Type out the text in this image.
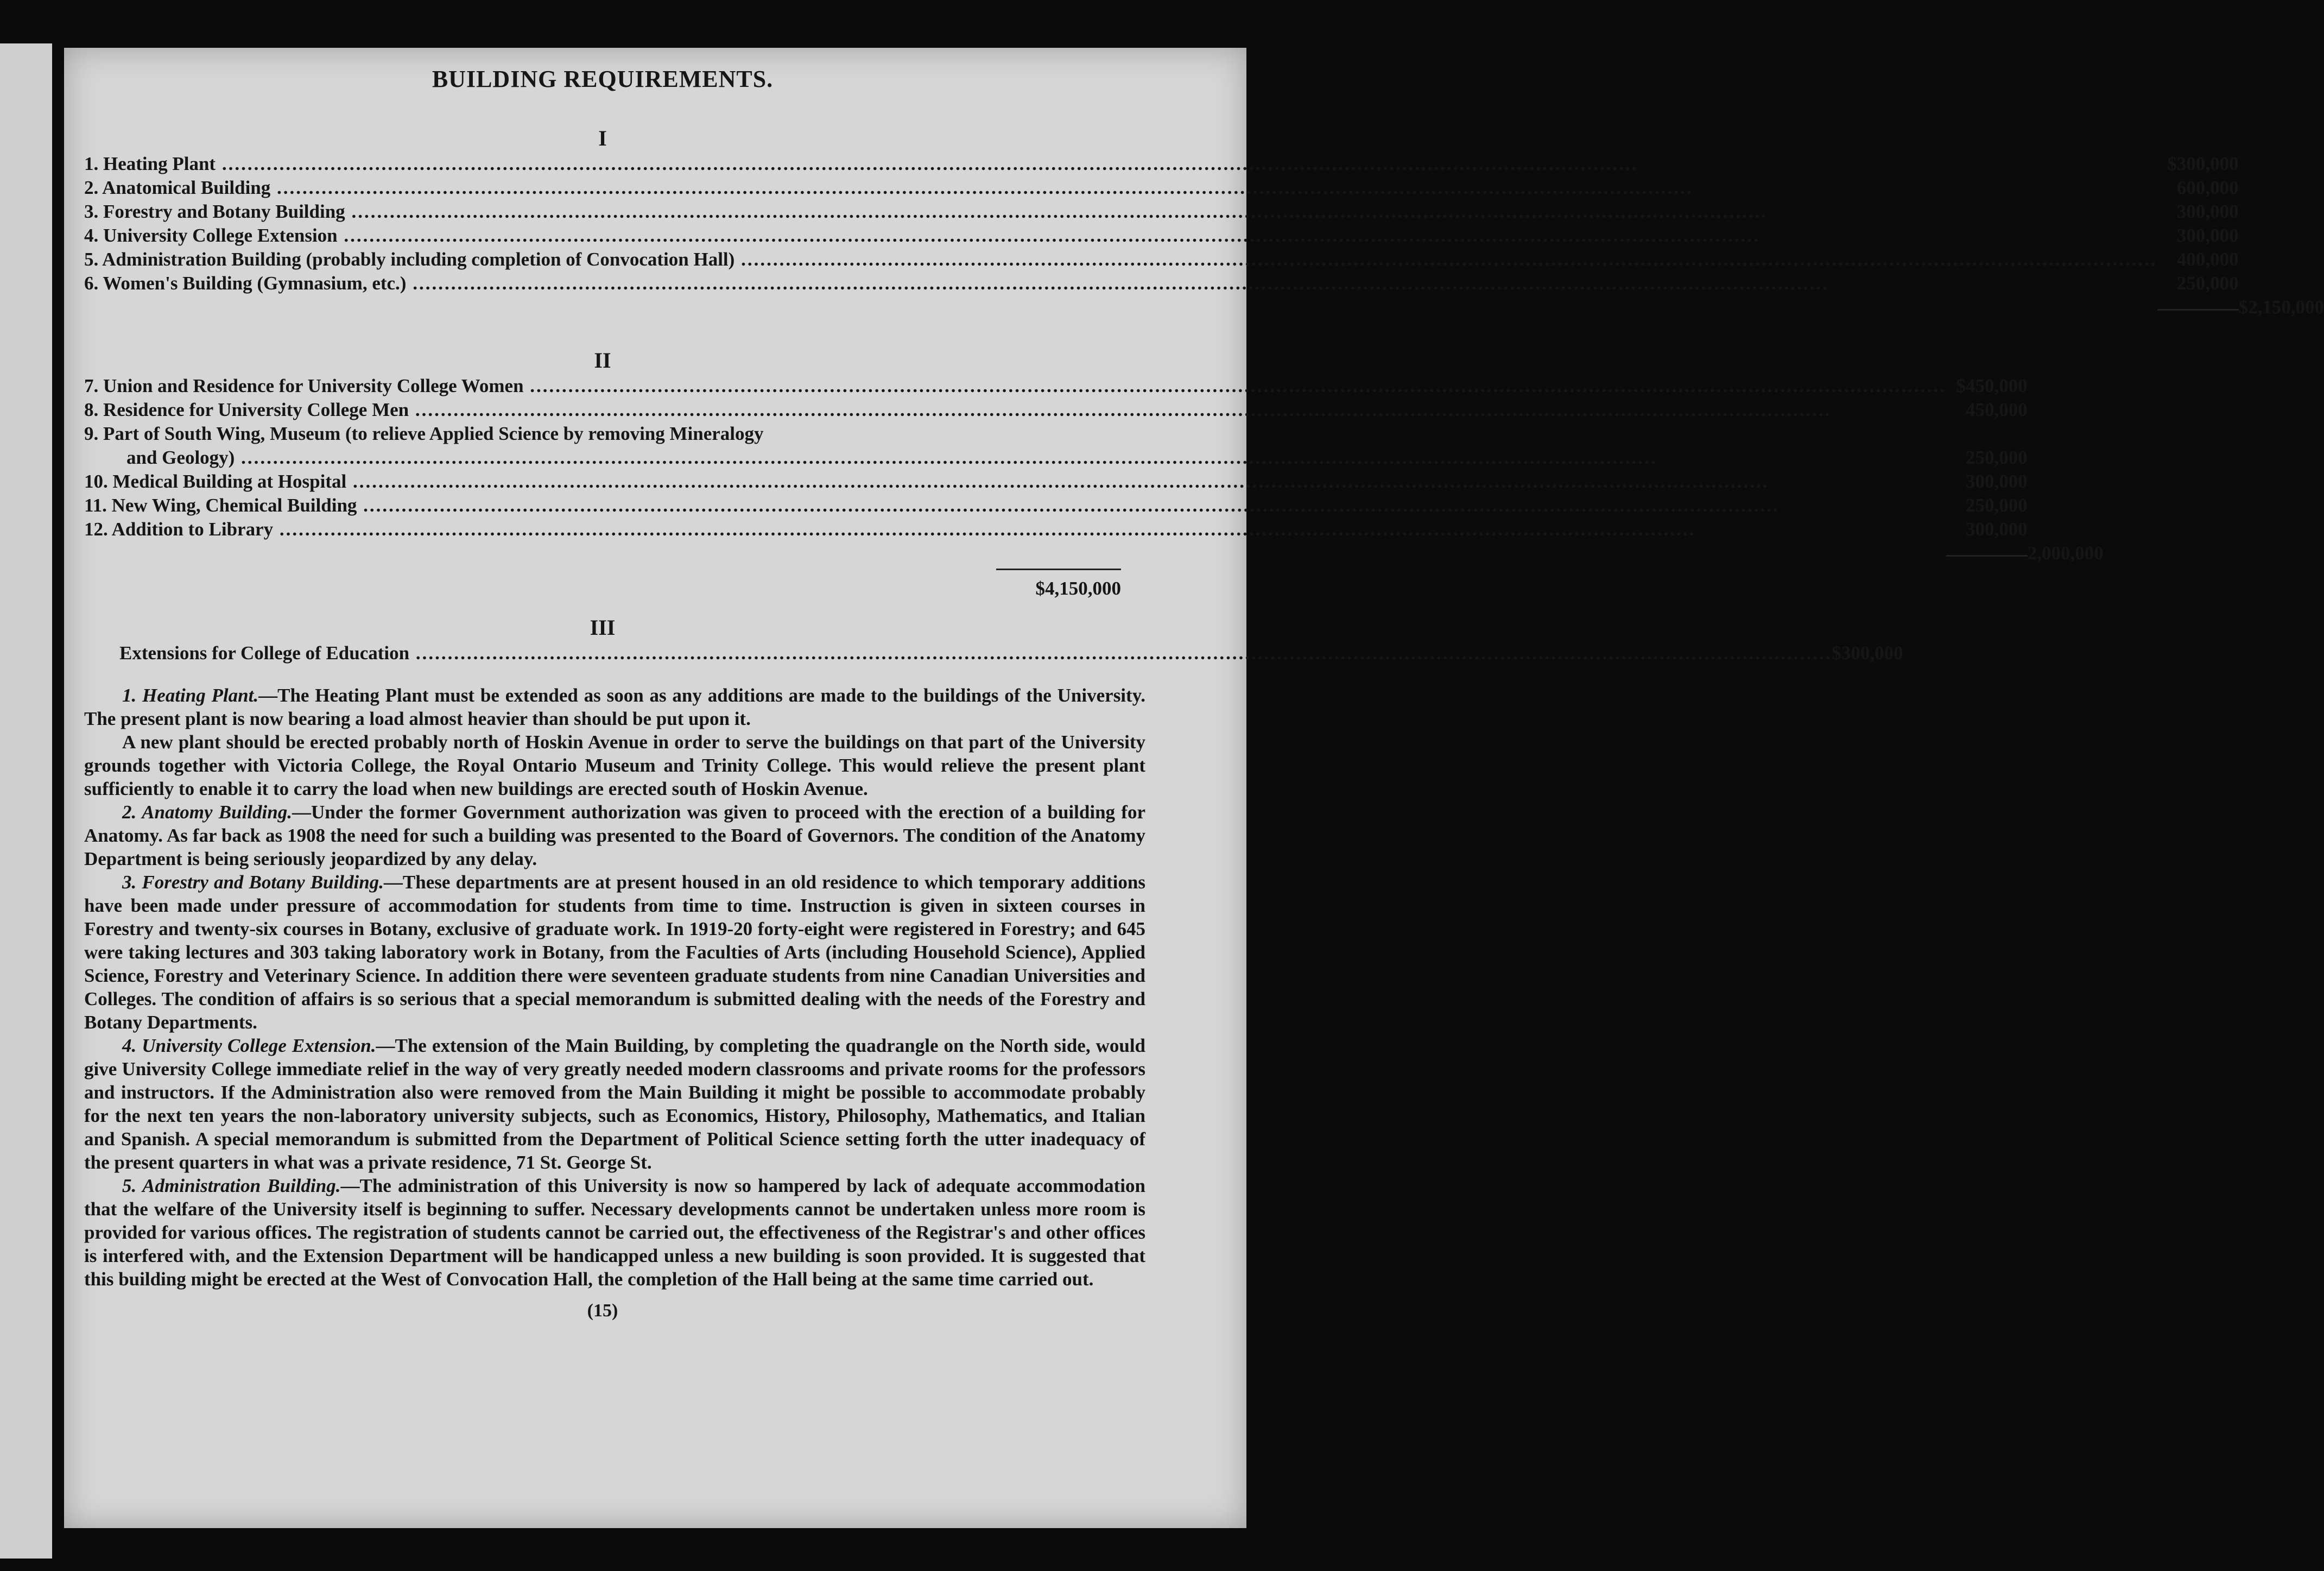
BUILDING REQUIREMENTS.
I
1. Heating Plant .....	$300,000	
2. Anatomical Building .....	600,000	
3. Forestry and Botany Building .....	300,000	
4. University College Extension .....	300,000	
5. Administration Building (probably including completion of Convocation Hall) .....	400,000	
6. Women's Building (Gymnasium, etc.) .....	250,000	

	$2,150,000
II
7. Union and Residence for University College Women .....	$450,000	
8. Residence for University College Men .....	450,000	
9. Part of South Wing, Museum (to relieve Applied Science by removing Mineralogy		
and Geology) .....	250,000	
10. Medical Building at Hospital .....	300,000	
11. New Wing, Chemical Building .....	250,000	
12. Addition to Library .....	300,000	

	2,000,000
		$4,150,000
III
Extensions for College of Education .....		$300,000

1. Heating Plant.—The Heating Plant must be extended as soon as any additions are made to the buildings of the University. The present plant is now bearing a load almost heavier than should be put upon it.

A new plant should be erected probably north of Hoskin Avenue in order to serve the buildings on that part of the University grounds together with Victoria College, the Royal Ontario Museum and Trinity College. This would relieve the present plant sufficiently to enable it to carry the load when new buildings are erected south of Hoskin Avenue.

2. Anatomy Building.—Under the former Government authorization was given to proceed with the erection of a building for Anatomy. As far back as 1908 the need for such a building was presented to the Board of Governors. The condition of the Anatomy Department is being seriously jeopardized by any delay.

3. Forestry and Botany Building.—These departments are at present housed in an old residence to which temporary additions have been made under pressure of accommodation for students from time to time. Instruction is given in sixteen courses in Forestry and twenty-six courses in Botany, exclusive of graduate work. In 1919-20 forty-eight were registered in Forestry; and 645 were taking lectures and 303 taking laboratory work in Botany, from the Faculties of Arts (including Household Science), Applied Science, Forestry and Veterinary Science. In addition there were seventeen graduate students from nine Canadian Universities and Colleges. The condition of affairs is so serious that a special memorandum is submitted dealing with the needs of the Forestry and Botany Departments.

4. University College Extension.—The extension of the Main Building, by completing the quadrangle on the North side, would give University College immediate relief in the way of very greatly needed modern classrooms and private rooms for the professors and instructors. If the Administration also were removed from the Main Building it might be possible to accommodate probably for the next ten years the non-laboratory university subjects, such as Economics, History, Philosophy, Mathematics, and Italian and Spanish. A special memorandum is submitted from the Department of Political Science setting forth the utter inadequacy of the present quarters in what was a private residence, 71 St. George St.

5. Administration Building.—The administration of this University is now so hampered by lack of adequate accommodation that the welfare of the University itself is beginning to suffer. Necessary developments cannot be undertaken unless more room is provided for various offices. The registration of students cannot be carried out, the effectiveness of the Registrar's and other offices is interfered with, and the Extension Department will be handicapped unless a new building is soon provided. It is suggested that this building might be erected at the West of Convocation Hall, the completion of the Hall being at the same time carried out.

(15)
